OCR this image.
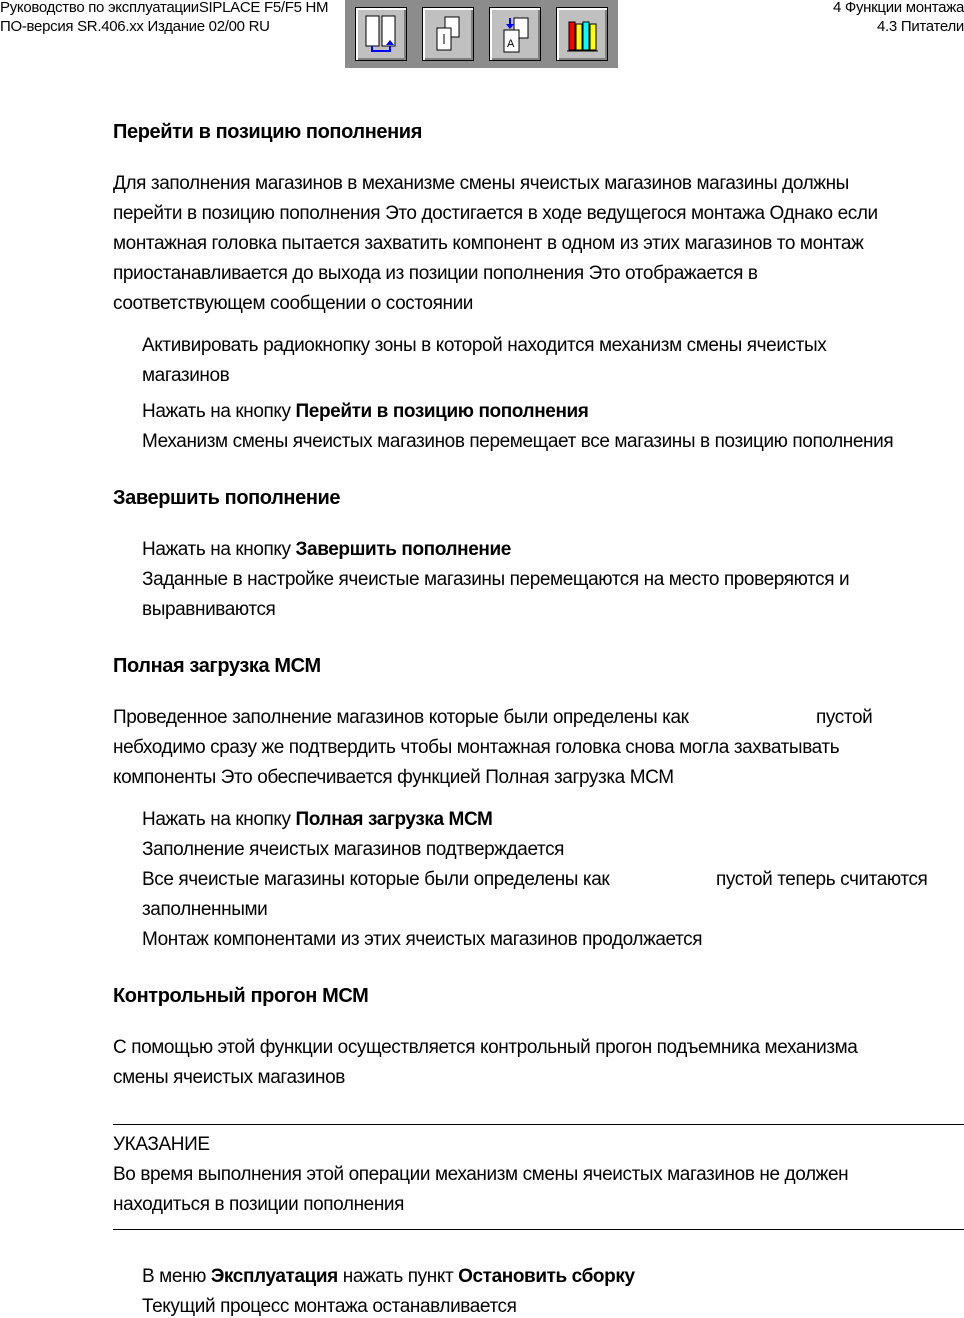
Руководство по эксплуатацииSIPLACE F5/F5 HM
ПО-версия SR.406.xx Издание 02/00 RU
4 Функции монтажа
4.3 Питатели
A
Перейти в позицию пополнения
Для заполнения магазинов в механизме смены ячеистых магазинов магазины должны
перейти в позицию пополнения Это достигается в ходе ведущегося монтажа Однако если
монтажная головка пытается захватить компонент в одном из этих магазинов то монтаж
приостанавливается до выхода из позиции пополнения Это отображается в
соответствующем сообщении о состоянии
Активировать радиокнопку зоны в которой находится механизм смены ячеистых
магазинов
Нажать на кнопку Перейти в позицию пополнения
Механизм смены ячеистых магазинов перемещает все магазины в позицию пополнения
Завершить пополнение
Нажать на кнопку Завершить пополнение
Заданные в настройке ячеистые магазины перемещаются на место проверяются и
выравниваются
Полная загрузка МСМ
Проведенное заполнение магазинов которые были определены как	пустой
небходимо сразу же подтвердить чтобы монтажная головка снова могла захватывать
компоненты Это обеспечивается функцией Полная загрузка МСМ
Нажать на кнопку Полная загрузка МСМ
Заполнение ячеистых магазинов подтверждается
Все ячеистые магазины которые были определены как	пустой теперь считаются
заполненными
Монтаж компонентами из этих ячеистых магазинов продолжается
Контрольный прогон МСМ
С помощью этой функции осуществляется контрольный прогон подъемника механизма
смены ячеистых магазинов
УКАЗАНИЕ
Во время выполнения этой операции механизм смены ячеистых магазинов не должен
находиться в позиции пополнения
В меню Эксплуатация нажать пункт Остановить сборку
Текущий процесс монтажа останавливается
